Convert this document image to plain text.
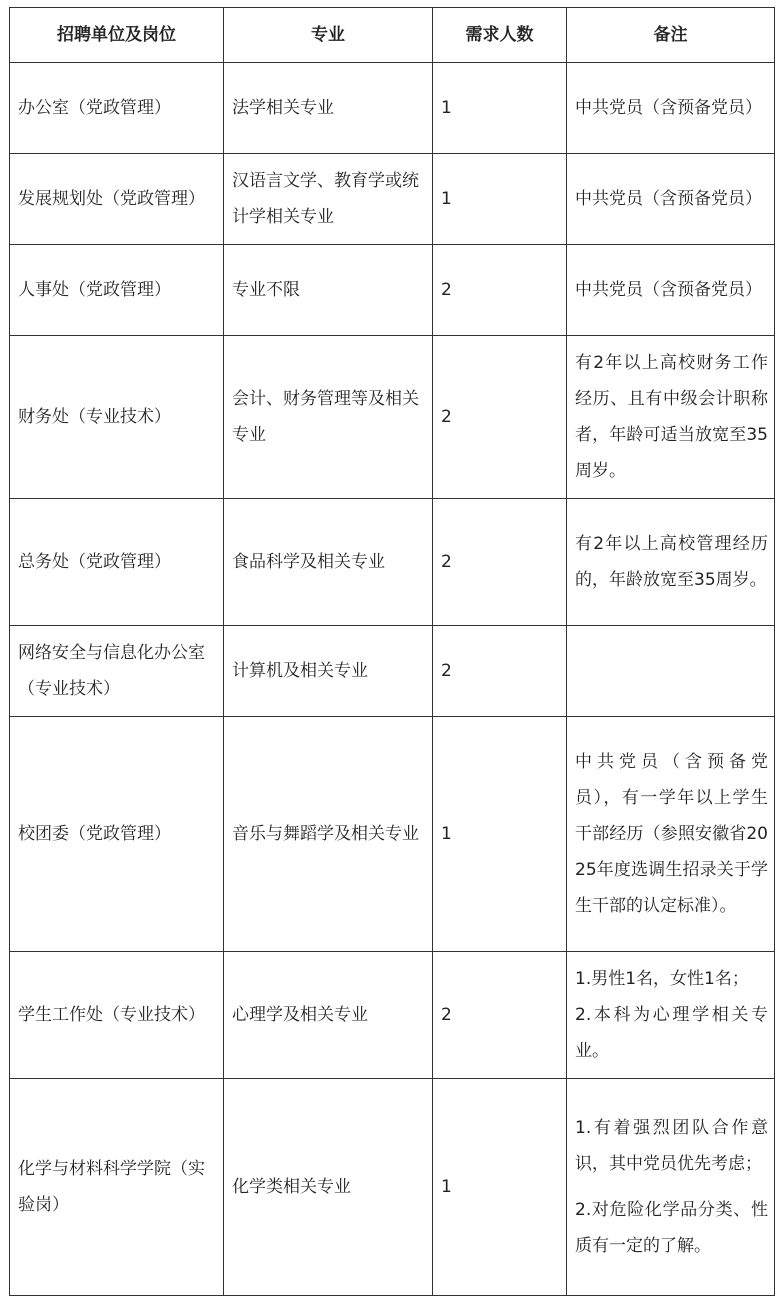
招聘单位及岗位	专业	需求人数	备注
办公室（党政管理）	法学相关专业	1	中共党员（含预备党员）

发展规划处（党政管理）	汉语言文学、教育学或统计学相关专业	1	中共党员（含预备党员）

人事处（党政管理）	专业不限	2	中共党员（含预备党员）

财务处（专业技术）	会计、财务管理等及相关专业	2	有2年以上高校财务工作经历、且有中级会计职称者，年龄可适当放宽至35周岁。

总务处（党政管理）	食品科学及相关专业	2	有2年以上高校管理经历的，年龄放宽至35周岁。

网络安全与信息化办公室（专业技术）	计算机及相关专业	2	
校团委（党政管理）	音乐与舞蹈学及相关专业	1	中共党员（含预备党员），有一学年以上学生干部经历（参照安徽省2025年度选调生招录关于学生干部的认定标准）。

学生工作处（专业技术）	心理学及相关专业	2	1.男性1名，女性1名；
2.本科为心理学相关专业。

化学与材料科学学院（实验岗）	化学类相关专业	1	1.有着强烈团队合作意识，其中党员优先考虑；
2.对危险化学品分类、性质有一定的了解。
